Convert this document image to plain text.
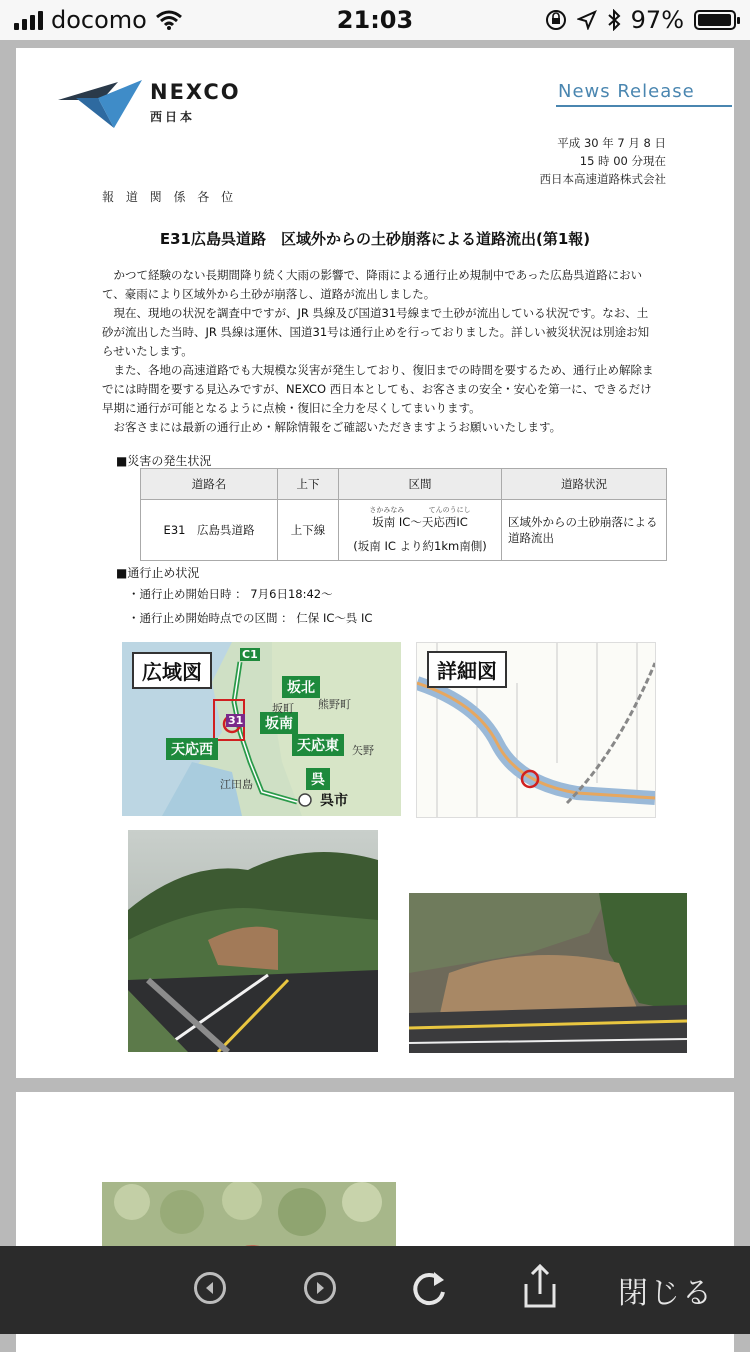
docomo	21:03	97%
NEXCO
西日本
News Release
平成 30 年 7 月 8 日
15 時 00 分現在
西日本高速道路株式会社
報 道 関 係 各 位
E31広島呉道路　区域外からの土砂崩落による道路流出(第1報)

かつて経験のない長期間降り続く大雨の影響で、降雨による通行止め規制中であった広島呉道路において、豪雨により区域外から土砂が崩落し、道路が流出しました。

現在、現地の状況を調査中ですが、JR 呉線及び国道31号線まで土砂が流出している状況です。なお、土砂が流出した当時、JR 呉線は運休、国道31号は通行止めを行っておりました。詳しい被災状況は別途お知らせいたします。

また、各地の高速道路でも大規模な災害が発生しており、復旧までの時間を要するため、通行止め解除までには時間を要する見込みですが、NEXCO 西日本としても、お客さまの安全・安心を第一に、できるだけ早期に通行が可能となるように点検・復旧に全力を尽くしてまいります。

お客さまには最新の通行止め・解除情報をご確認いただきますようお願いいたします。

■災害の発生状況
道路名	上下	区間	道路状況
E31　広島呉道路	上下線	さかみなみ てんのうにし
坂南 IC～天応西IC
(坂南 IC より約1km南側)	区域外からの土砂崩落による道路流出
■通行止め状況
・通行止め開始日時 ： 7月6日18:42～
・通行止め開始時点での区間 ： 仁保 IC～呉 IC
広域図
坂北
坂南
天応西	天応東
呉
呉市
江田島
熊野町
矢野
坂町
31
C1
詳細図
閉じる
